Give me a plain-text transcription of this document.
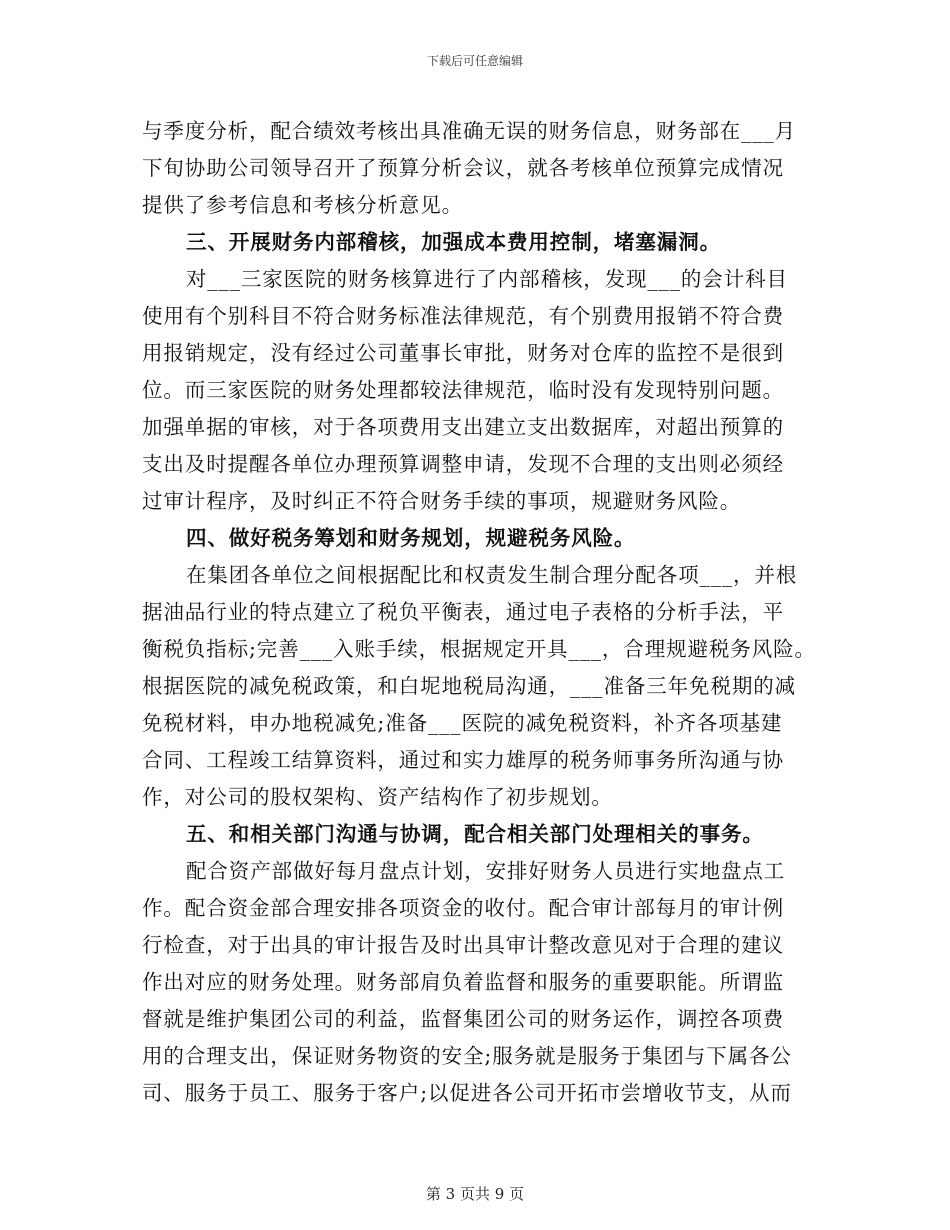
下载后可任意编辑
与季度分析，配合绩效考核出具准确无误的财务信息，财务部在___月
下旬协助公司领导召开了预算分析会议，就各考核单位预算完成情况
提供了参考信息和考核分析意见。
三、开展财务内部稽核，加强成本费用控制，堵塞漏洞。
对___三家医院的财务核算进行了内部稽核，发现___的会计科目
使用有个别科目不符合财务标准法律规范，有个别费用报销不符合费
用报销规定，没有经过公司董事长审批，财务对仓库的监控不是很到
位。而三家医院的财务处理都较法律规范，临时没有发现特别问题。
加强单据的审核，对于各项费用支出建立支出数据库，对超出预算的
支出及时提醒各单位办理预算调整申请，发现不合理的支出则必须经
过审计程序，及时纠正不符合财务手续的事项，规避财务风险。
四、做好税务筹划和财务规划，规避税务风险。
在集团各单位之间根据配比和权责发生制合理分配各项___，并根
据油品行业的特点建立了税负平衡表，通过电子表格的分析手法，平
衡税负指标;完善___入账手续，根据规定开具___，合理规避税务风险。
根据医院的减免税政策，和白坭地税局沟通，___准备三年免税期的减
免税材料，申办地税减免;准备___医院的减免税资料，补齐各项基建
合同、工程竣工结算资料，通过和实力雄厚的税务师事务所沟通与协
作，对公司的股权架构、资产结构作了初步规划。
五、和相关部门沟通与协调，配合相关部门处理相关的事务。
配合资产部做好每月盘点计划，安排好财务人员进行实地盘点工
作。配合资金部合理安排各项资金的收付。配合审计部每月的审计例
行检查，对于出具的审计报告及时出具审计整改意见对于合理的建议
作出对应的财务处理。财务部肩负着监督和服务的重要职能。所谓监
督就是维护集团公司的利益，监督集团公司的财务运作，调控各项费
用的合理支出，保证财务物资的安全;服务就是服务于集团与下属各公
司、服务于员工、服务于客户;以促进各公司开拓市尝增收节支，从而
第 3 页共 9 页
